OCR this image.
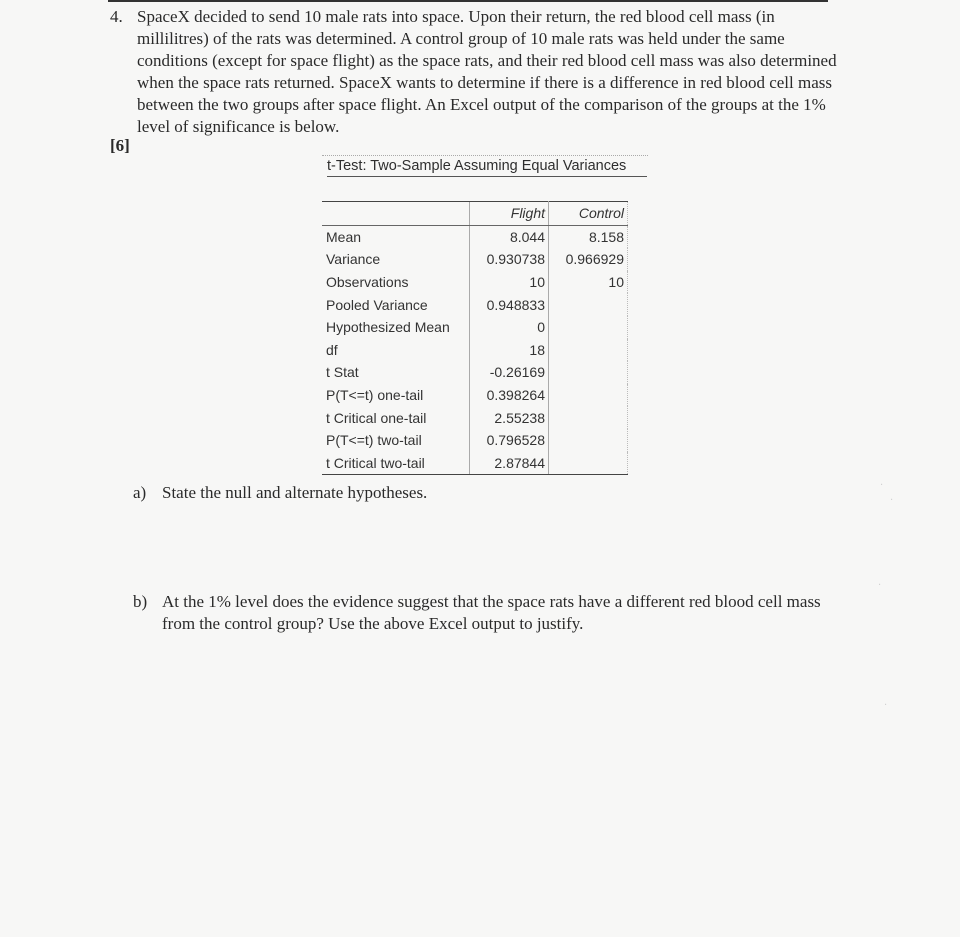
4. SpaceX decided to send 10 male rats into space. Upon their return, the red blood cell mass (in millilitres) of the rats was determined. A control group of 10 male rats was held under the same conditions (except for space flight) as the space rats, and their red blood cell mass was also determined when the space rats returned. SpaceX wants to determine if there is a difference in red blood cell mass between the two groups after space flight. An Excel output of the comparison of the groups at the 1% level of significance is below.

[6]
t-Test: Two-Sample Assuming Equal Variances
	Flight	Control
Mean	8.044	8.158
Variance	0.930738	0.966929
Observations	10	10
Pooled Variance	0.948833	
Hypothesized Mean	0	
df	18	
t Stat	-0.26169	
P(T<=t) one-tail	0.398264	
t Critical one-tail	2.55238	
P(T<=t) two-tail	0.796528	
t Critical two-tail	2.87844	
a) State the null and alternate hypotheses.

b) At the 1% level does the evidence suggest that the space rats have a different red blood cell mass from the control group? Use the above Excel output to justify.

·
·
·
·
